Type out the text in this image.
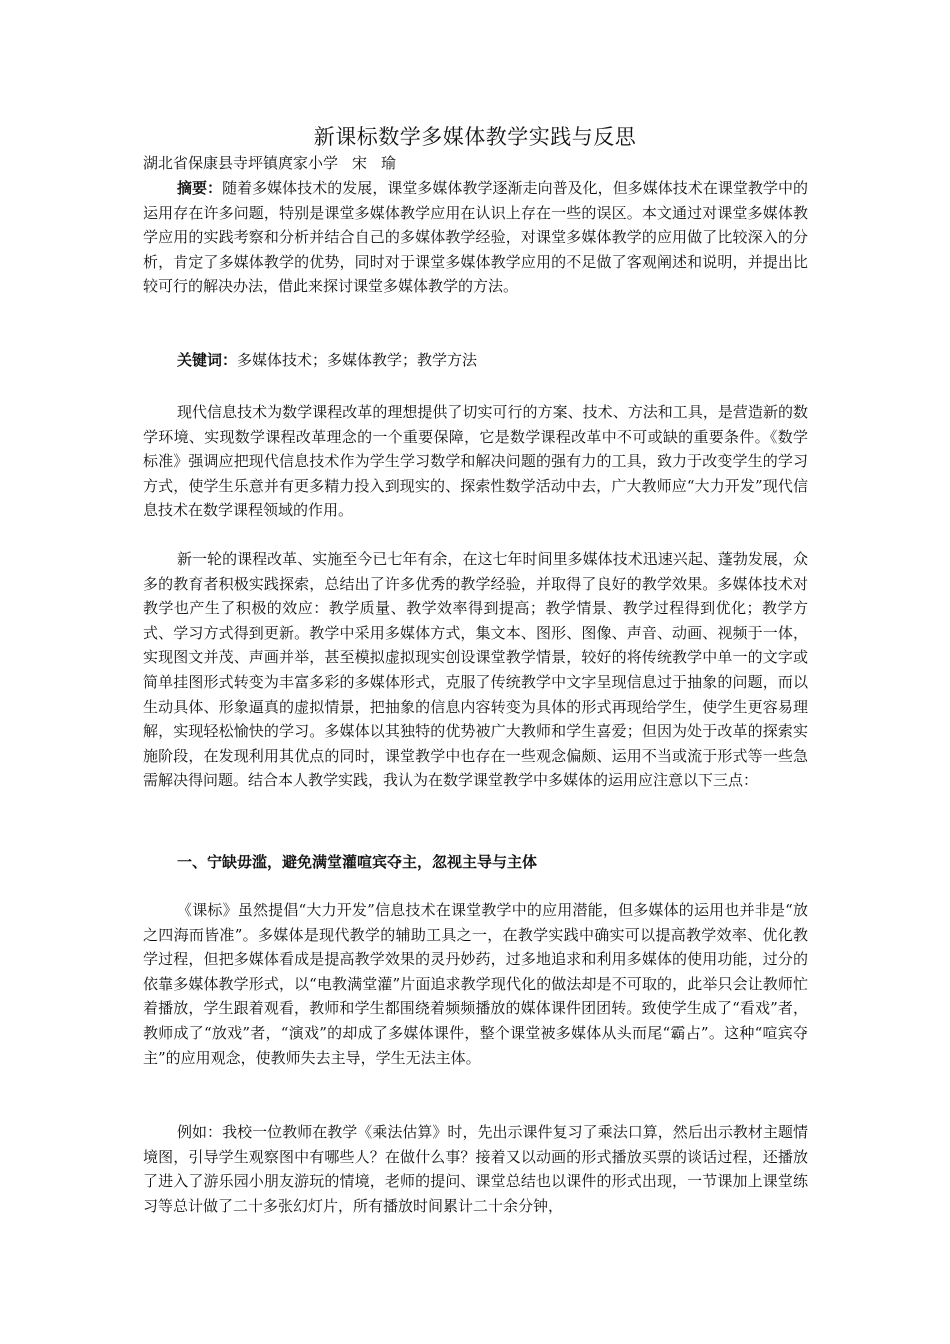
新课标数学多媒体教学实践与反思
湖北省保康县寺坪镇庹家小学 宋瑜
摘要：随着多媒体技术的发展，课堂多媒体教学逐渐走向普及化，但多媒体技术在课堂教学中的运用存在许多问题，特别是课堂多媒体教学应用在认识上存在一些的误区。本文通过对课堂多媒体教学应用的实践考察和分析并结合自己的多媒体教学经验，对课堂多媒体教学的应用做了比较深入的分析，肯定了多媒体教学的优势，同时对于课堂多媒体教学应用的不足做了客观阐述和说明，并提出比较可行的解决办法，借此来探讨课堂多媒体教学的方法。
关键词：多媒体技术；多媒体教学；教学方法
现代信息技术为数学课程改革的理想提供了切实可行的方案、技术、方法和工具，是营造新的数学环境、实现数学课程改革理念的一个重要保障，它是数学课程改革中不可或缺的重要条件。《数学标准》强调应把现代信息技术作为学生学习数学和解决问题的强有力的工具，致力于改变学生的学习方式，使学生乐意并有更多精力投入到现实的、探索性数学活动中去，广大教师应“大力开发”现代信息技术在数学课程领域的作用。
新一轮的课程改革、实施至今已七年有余，在这七年时间里多媒体技术迅速兴起、蓬勃发展，众多的教育者积极实践探索，总结出了许多优秀的教学经验，并取得了良好的教学效果。多媒体技术对教学也产生了积极的效应：教学质量、教学效率得到提高；教学情景、教学过程得到优化；教学方式、学习方式得到更新。教学中采用多媒体方式，集文本、图形、图像、声音、动画、视频于一体，实现图文并茂、声画并举，甚至模拟虚拟现实创设课堂教学情景，较好的将传统教学中单一的文字或简单挂图形式转变为丰富多彩的多媒体形式，克服了传统教学中文字呈现信息过于抽象的问题，而以生动具体、形象逼真的虚拟情景，把抽象的信息内容转变为具体的形式再现给学生，使学生更容易理解，实现轻松愉快的学习。多媒体以其独特的优势被广大教师和学生喜爱；但因为处于改革的探索实施阶段，在发现利用其优点的同时，课堂教学中也存在一些观念偏颇、运用不当或流于形式等一些急需解决得问题。结合本人教学实践，我认为在数学课堂教学中多媒体的运用应注意以下三点：
一、宁缺毋滥，避免满堂灌喧宾夺主，忽视主导与主体
《课标》虽然提倡“大力开发”信息技术在课堂教学中的应用潜能，但多媒体的运用也并非是“放之四海而皆准”。多媒体是现代教学的辅助工具之一，在教学实践中确实可以提高教学效率、优化教学过程，但把多媒体看成是提高教学效果的灵丹妙药，过多地追求和利用多媒体的使用功能，过分的依靠多媒体教学形式，以“电教满堂灌”片面追求教学现代化的做法却是不可取的，此举只会让教师忙着播放，学生跟着观看，教师和学生都围绕着频频播放的媒体课件团团转。致使学生成了“看戏”者，教师成了“放戏”者，“演戏”的却成了多媒体课件，整个课堂被多媒体从头而尾“霸占”。这种“喧宾夺主”的应用观念，使教师失去主导，学生无法主体。
例如：我校一位教师在教学《乘法估算》时，先出示课件复习了乘法口算，然后出示教材主题情境图，引导学生观察图中有哪些人？在做什么事？接着又以动画的形式播放买票的谈话过程，还播放了进入了游乐园小朋友游玩的情境，老师的提问、课堂总结也以课件的形式出现，一节课加上课堂练习等总计做了二十多张幻灯片，所有播放时间累计二十余分钟，
